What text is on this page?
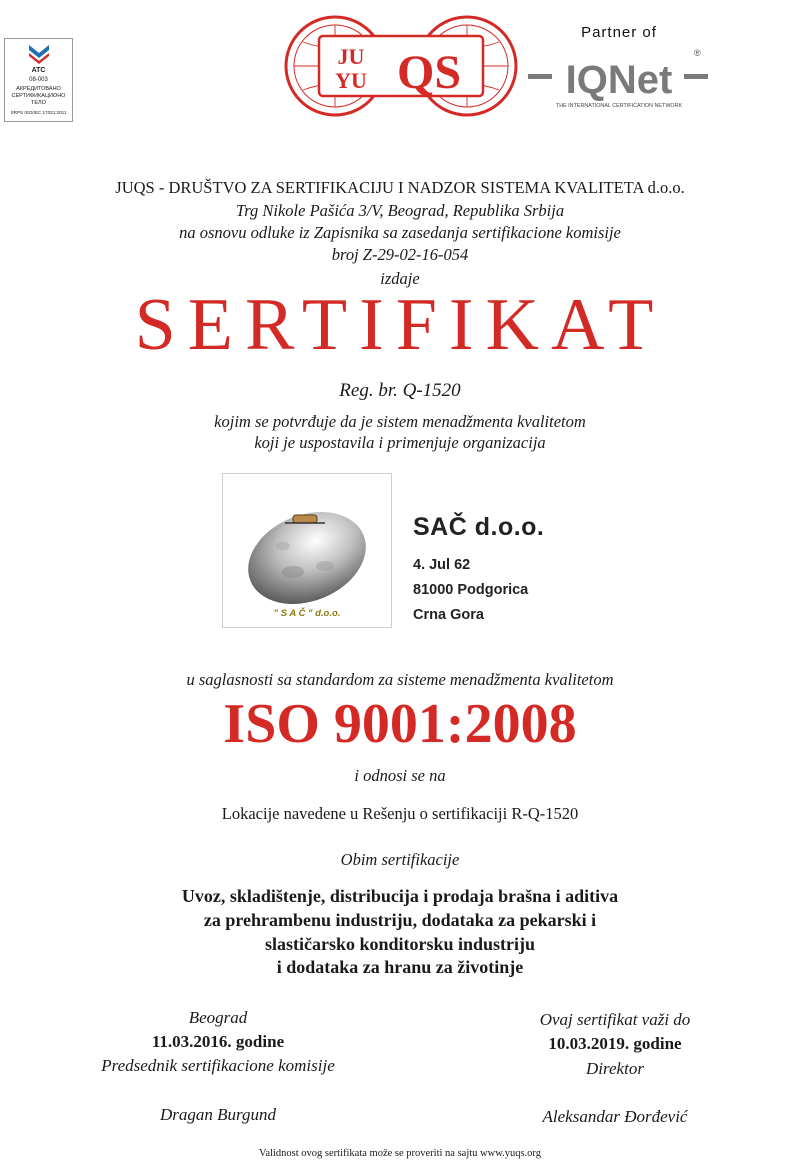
ATC
08-003
АКРЕДИТОВАНО
СЕРТИФИКАЦИОНО
ТЕЛО
SRPS ISO/IEC 17021:2011
JU
YU QS
Partner of
IQNet
®
THE INTERNATIONAL CERTIFICATION NETWORK
JUQS - DRUŠTVO ZA SERTIFIKACIJU I NADZOR SISTEMA KVALITETA d.o.o.
Trg Nikole Pašića 3/V, Beograd, Republika Srbija
na osnovu odluke iz Zapisnika sa zasedanja sertifikacione komisije
broj Z-29-02-16-054
izdaje
SERTIFIKAT
Reg. br. Q-1520
kojim se potvrđuje da je sistem menadžmenta kvalitetom
koji je uspostavila i primenjuje organizacija
" S A Č " d.o.o.
SAČ d.o.o.
4. Jul 62
81000 Podgorica
Crna Gora
u saglasnosti sa standardom za sisteme menadžmenta kvalitetom
ISO 9001:2008
i odnosi se na
Lokacije navedene u Rešenju o sertifikaciji R-Q-1520
Obim sertifikacije
Uvoz, skladištenje, distribucija i prodaja brašna i aditiva
za prehrambenu industriju, dodataka za pekarski i
slastičarsko konditorsku industriju
i dodataka za hranu za životinje
Beograd
11.03.2016. godine
Predsednik sertifikacione komisije
Dragan Burgund
Ovaj sertifikat važi do
10.03.2019. godine
Direktor
Aleksandar Đorđević
Validnost ovog sertifikata može se proveriti na sajtu www.yuqs.org
